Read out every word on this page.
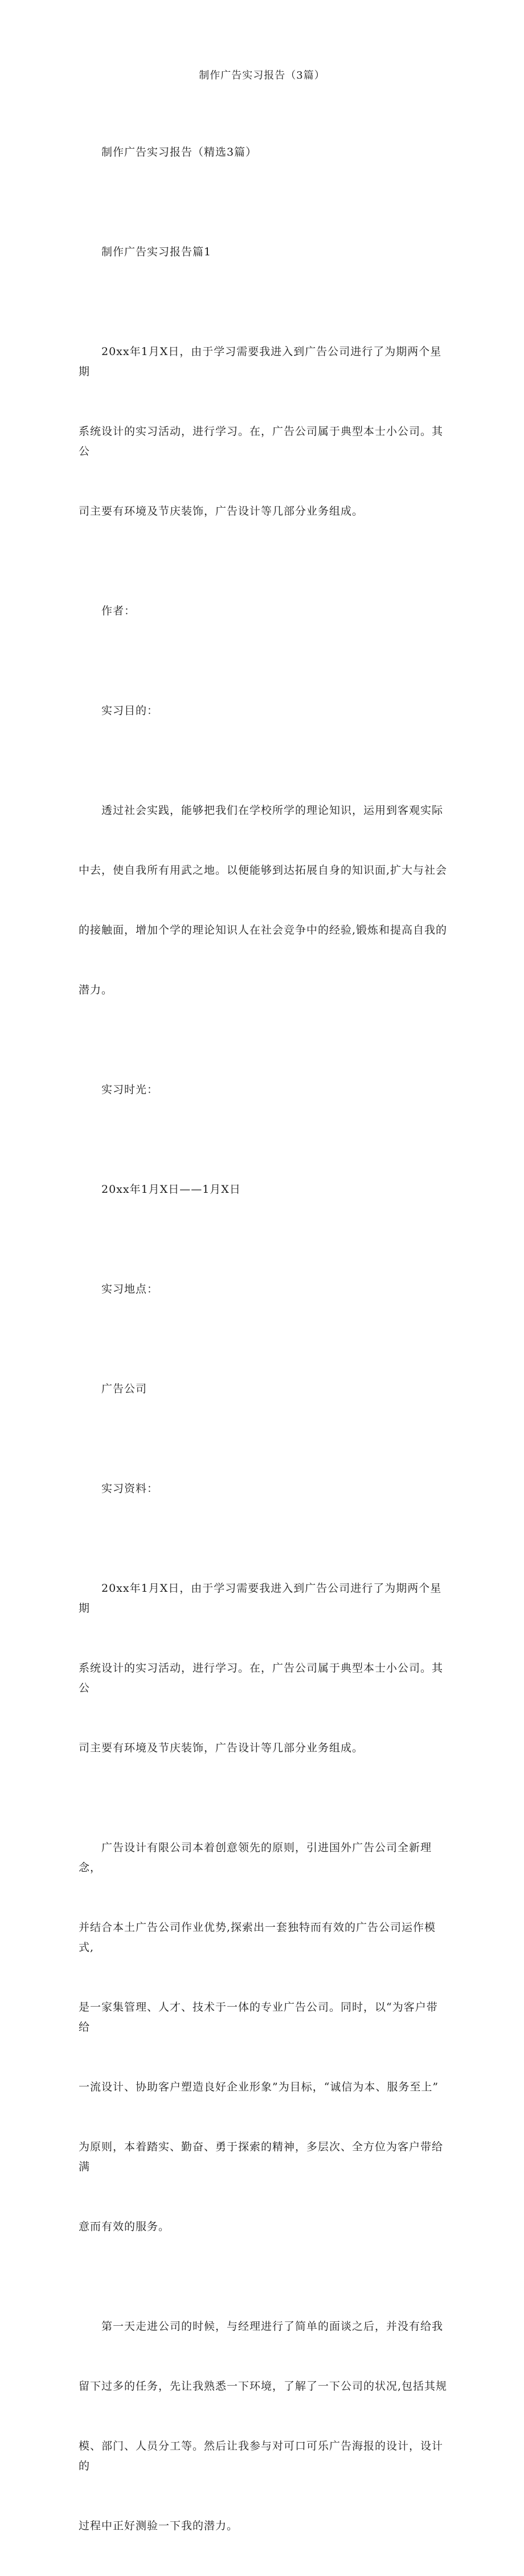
制作广告实习报告（3篇）

制作广告实习报告（精选3篇）

制作广告实习报告篇1

20xx年1月X日，由于学习需要我进入到广告公司进行了为期两个星期

系统设计的实习活动，进行学习。在，广告公司属于典型本士小公司。其公

司主要有环境及节庆装饰，广告设计等几部分业务组成。

作者：

实习目的：

透过社会实践，能够把我们在学校所学的理论知识，运用到客观实际

中去，使自我所有用武之地。以便能够到达拓展自身的知识面,扩大与社会

的接触面，增加个学的理论知识人在社会竞争中的经验,锻炼和提高自我的

潜力。

实习时光：

20xx年1月X日——1月X日

实习地点：

广告公司

实习资料：

20xx年1月X日，由于学习需要我进入到广告公司进行了为期两个星期

系统设计的实习活动，进行学习。在，广告公司属于典型本士小公司。其公

司主要有环境及节庆装饰，广告设计等几部分业务组成。

广告设计有限公司本着创意领先的原则，引进国外广告公司全新理念，

并结合本土广告公司作业优势,探索出一套独特而有效的广告公司运作模式,

是一家集管理、人才、技术于一体的专业广告公司。同时，以“为客户带给

一流设计、协助客户塑造良好企业形象”为目标，“诚信为本、服务至上”

为原则，本着踏实、勤奋、勇于探索的精神，多层次、全方位为客户带给满

意而有效的服务。

第一天走进公司的时候，与经理进行了简单的面谈之后，并没有给我

留下过多的任务，先让我熟悉一下环境，了解了一下公司的状况,包括其规

模、部门、人员分工等。然后让我参与对可口可乐广告海报的设计，设计的

过程中正好测验一下我的潜力。
